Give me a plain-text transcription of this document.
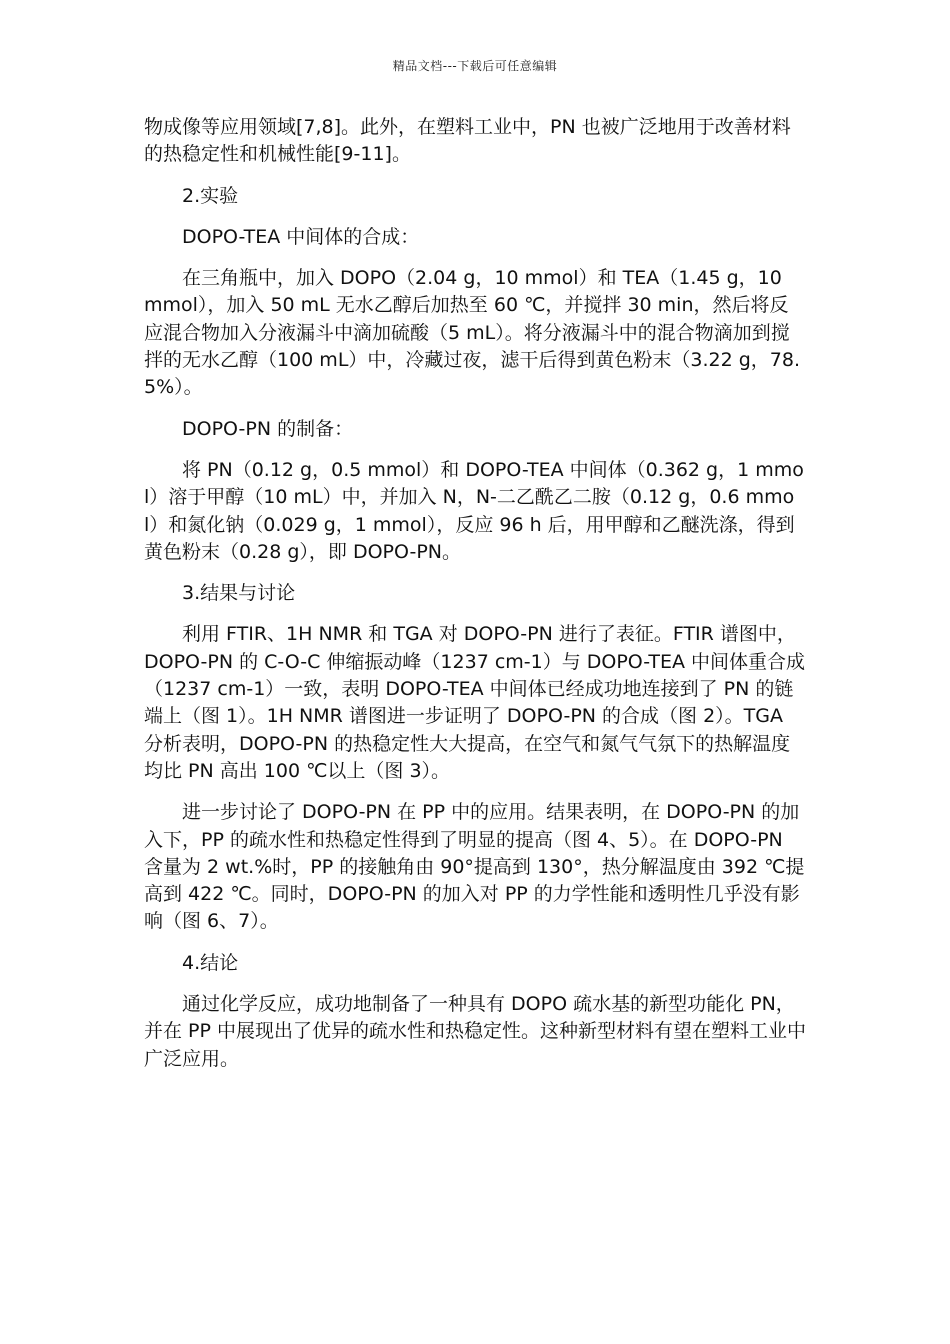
精品文档---下载后可任意编辑

物成像等应用领域[7,8]。此外，在塑料工业中，PN 也被广泛地用于改善材料的热稳定性和机械性能[9-11]。

2.实验
DOPO-TEA 中间体的合成：

在三角瓶中，加入 DOPO（2.04 g，10 mmol）和 TEA（1.45 g，10 mmol），加入 50 mL 无水乙醇后加热至 60 ℃，并搅拌 30 min，然后将反应混合物加入分液漏斗中滴加硫酸（5 mL）。将分液漏斗中的混合物滴加到搅拌的无水乙醇（100 mL）中，冷藏过夜，滤干后得到黄色粉末（3.22 g，78.5%）。

DOPO-PN 的制备：

将 PN（0.12 g，0.5 mmol）和 DOPO-TEA 中间体（0.362 g，1 mmol）溶于甲醇（10 mL）中，并加入 N，N-二乙酰乙二胺（0.12 g，0.6 mmol）和氮化钠（0.029 g，1 mmol），反应 96 h 后，用甲醇和乙醚洗涤，得到黄色粉末（0.28 g），即 DOPO-PN。

3.结果与讨论

利用 FTIR、1H NMR 和 TGA 对 DOPO-PN 进行了表征。FTIR 谱图中，DOPO-PN 的 C-O-C 伸缩振动峰（1237 cm-1）与 DOPO-TEA 中间体重合成（1237 cm-1）一致，表明 DOPO-TEA 中间体已经成功地连接到了 PN 的链端上（图 1）。1H NMR 谱图进一步证明了 DOPO-PN 的合成（图 2）。TGA 分析表明，DOPO-PN 的热稳定性大大提高，在空气和氮气气氛下的热解温度均比 PN 高出 100 ℃以上（图 3）。

进一步讨论了 DOPO-PN 在 PP 中的应用。结果表明，在 DOPO-PN 的加入下，PP 的疏水性和热稳定性得到了明显的提高（图 4、5）。在 DOPO-PN 含量为 2 wt.%时，PP 的接触角由 90°提高到 130°，热分解温度由 392 ℃提高到 422 ℃。同时，DOPO-PN 的加入对 PP 的力学性能和透明性几乎没有影响（图 6、7）。

4.结论

通过化学反应，成功地制备了一种具有 DOPO 疏水基的新型功能化 PN，并在 PP 中展现出了优异的疏水性和热稳定性。这种新型材料有望在塑料工业中广泛应用。
